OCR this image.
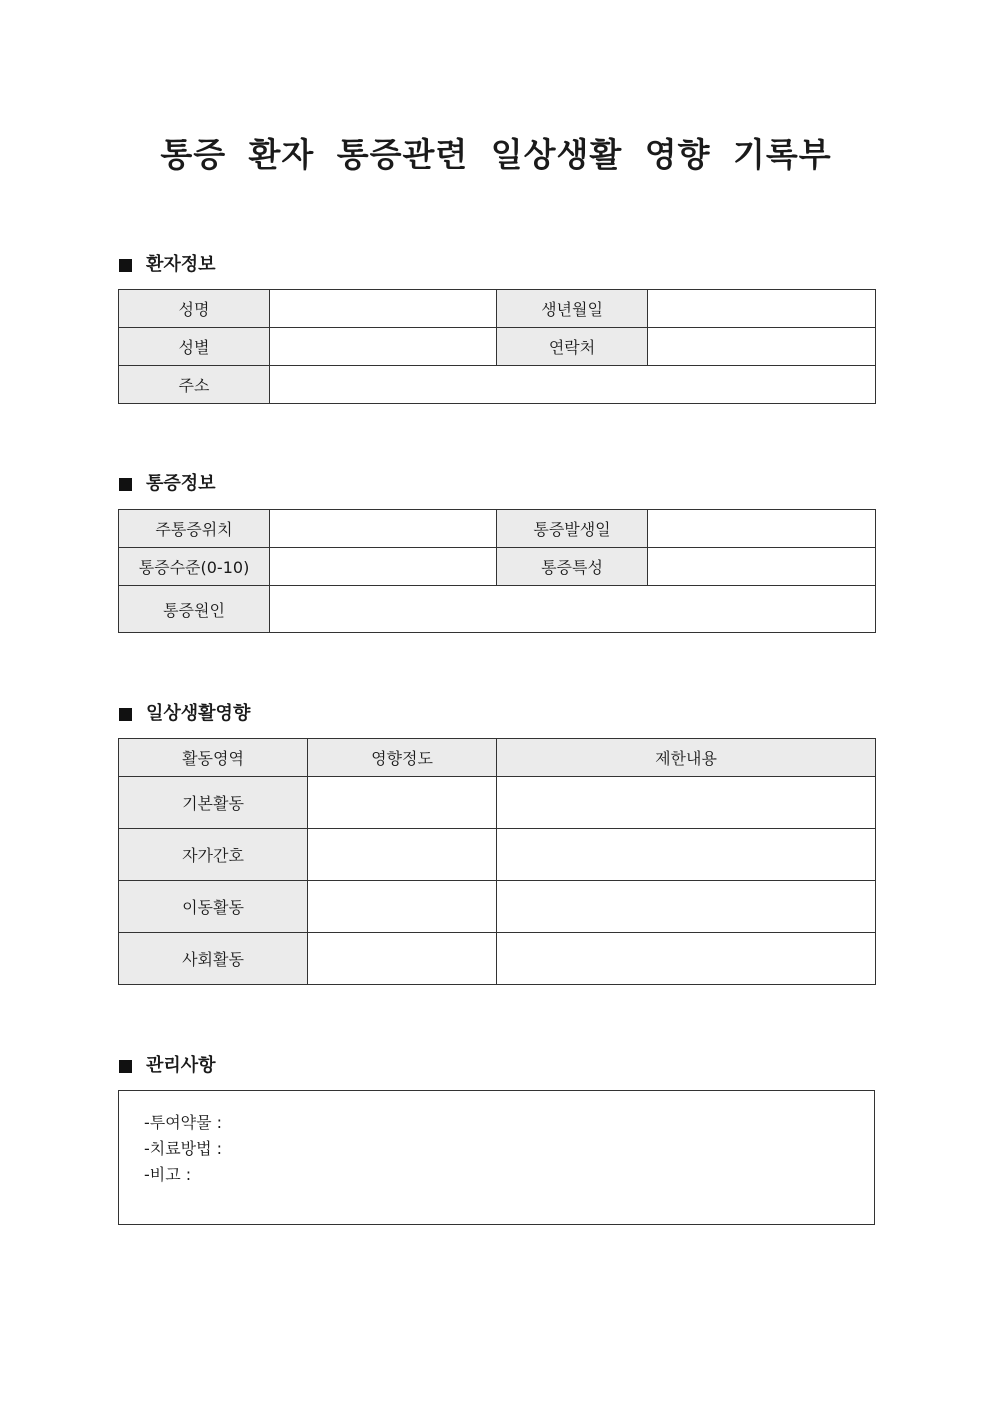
통증 환자 통증관련 일상생활 영향 기록부
환자정보
성명		생년월일	
성별		연락처	
주소			
통증정보
주통증위치		통증발생일	
통증수준(0-10)		통증특성	
통증원인			
일상생활영향
활동영역	영향정도	제한내용
기본활동		
자가간호		
이동활동		
사회활동		
관리사항
-투여약물 :
-치료방법 :
-비고 :
